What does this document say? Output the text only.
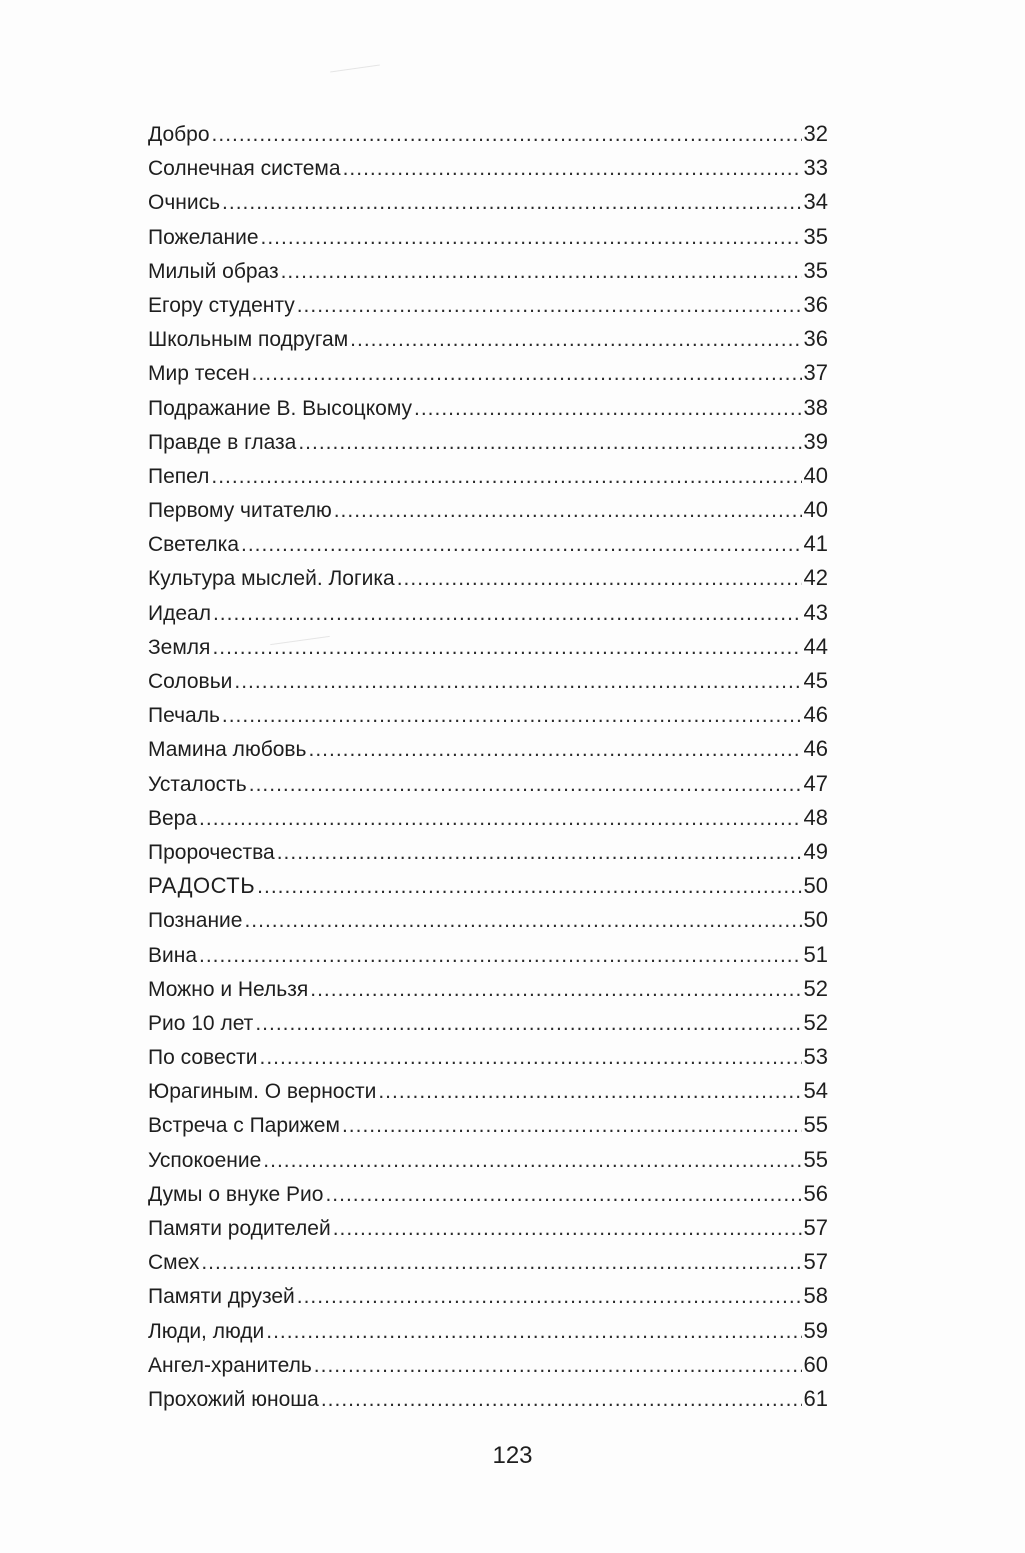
Добро .....	32
Солнечная система .....	33
Очнись .....	34
Пожелание .....	35
Милый образ .....	35
Егору студенту .....	36
Школьным подругам .....	36
Мир тесен .....	37
Подражание В. Высоцкому .....	38
Правде в глаза .....	39
Пепел .....	40
Первому читателю .....	40
Светелка .....	41
Культура мыслей. Логика .....	42
Идеал .....	43
Земля .....	44
Соловьи .....	45
Печаль .....	46
Мамина любовь .....	46
Усталость .....	47
Вера .....	48
Пророчества .....	49
РАДОСТЬ .....	50
Познание .....	50
Вина .....	51
Можно и Нельзя .....	52
Рио 10 лет .....	52
По совести .....	53
Юрагиным. О верности .....	54
Встреча с Парижем .....	55
Успокоение .....	55
Думы о внуке Рио .....	56
Памяти родителей .....	57
Смех .....	57
Памяти друзей .....	58
Люди, люди .....	59
Ангел-хранитель .....	60
Прохожий юноша .....	61
123
